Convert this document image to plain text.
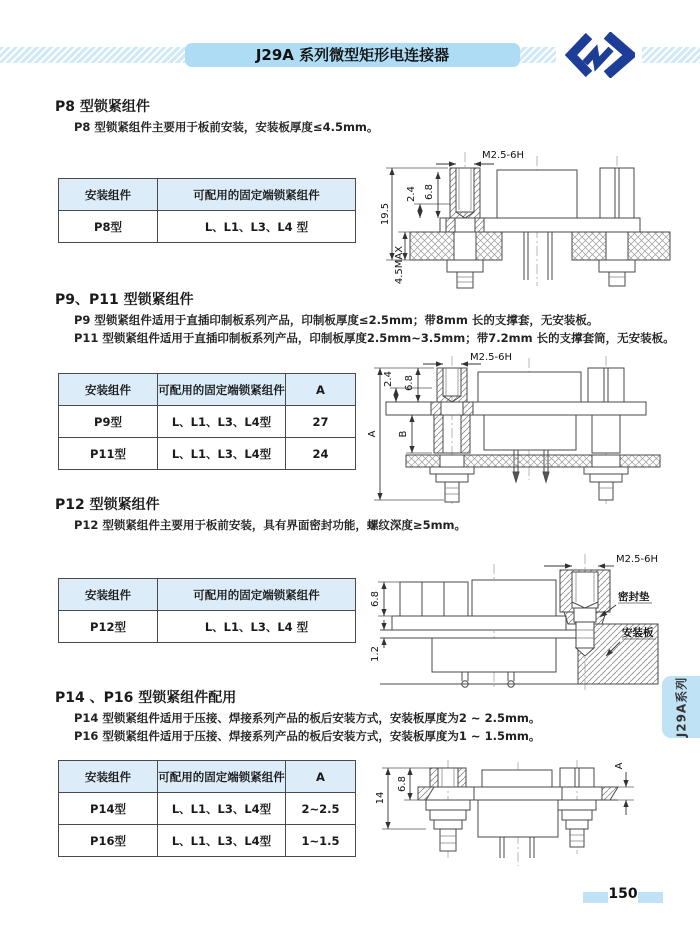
J29A 系列微型矩形电连接器
P8 型锁紧组件
P8 型锁紧组件主要用于板前安装，安装板厚度≤4.5mm。
安装组件	可配用的固定端锁紧组件
P8型	L、L1、L3、L4 型
M2.5-6H
19.5
4.5MAX
2.4 6.8
P9、P11 型锁紧组件
P9 型锁紧组件适用于直插印制板系列产品，印制板厚度≤2.5mm；带8mm 长的支撑套，无安装板。
P11 型锁紧组件适用于直插印制板系列产品，印制板厚度2.5mm~3.5mm；带7.2mm 长的支撑套筒，无安装板。
安装组件	可配用的固定端锁紧组件	A
P9型	L、L1、L3、L4型	27
P11型	L、L1、L3、L4型	24
M2.5-6H
A
2.4 6.8
B
P12 型锁紧组件
P12 型锁紧组件主要用于板前安装，具有界面密封功能，螺纹深度≥5mm。
安装组件	可配用的固定端锁紧组件
P12型	L、L1、L3、L4 型
M2.5-6H
密封垫
安装板
6.8
1.2
P14 、P16 型锁紧组件配用
P14 型锁紧组件适用于压接、焊接系列产品的板后安装方式，安装板厚度为2 ~ 2.5mm。
P16 型锁紧组件适用于压接、焊接系列产品的板后安装方式，安装板厚度为1 ~ 1.5mm。
安装组件	可配用的固定端锁紧组件	A
P14型	L、L1、L3、L4型	2~2.5
P16型	L、L1、L3、L4型	1~1.5
14
6.8
A
J29A系列
150
